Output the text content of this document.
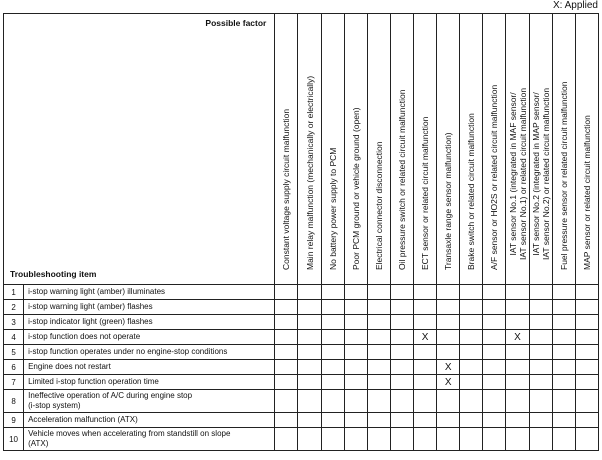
X: Applied
Possible factor
Troubleshooting item		Constant voltage supply circuit malfunction	Main relay malfunction (mechanically or electrically)	No battery power supply to PCM	Poor PCM ground or vehicle ground (open)	Electrical connector disconnection	Oil pressure switch or related circuit malfunction	ECT sensor or related circuit malfunction	Transaxle range sensor malfunction)	Brake switch or related circuit malfunction	A/F sensor or HO2S or related circuit malfunction	IAT sensor No.1 (integrated in MAF sensor/
IAT sensor No.1) or related circuit malfunction	IAT sensor No.2 (integrated in MAP sensor/
IAT sensor No.2) or related circuit malfunction	Fuel pressure sensor or related circuit malfunction	MAP sensor or related circuit malfunction

1	i-stop warning light (amber) illuminates														
2	i-stop warning light (amber) flashes														
3	i-stop indicator light (green) flashes														
4	i-stop function does not operate							X				X			
5	i-stop function operates under no engine-stop conditions														
6	Engine does not restart								X						
7	Limited i-stop function operation time								X						
8	Ineffective operation of A/C during engine stop
(i-stop system)														
9	Acceleration malfunction (ATX)														
10	Vehicle moves when accelerating from standstill on slope
(ATX)														
